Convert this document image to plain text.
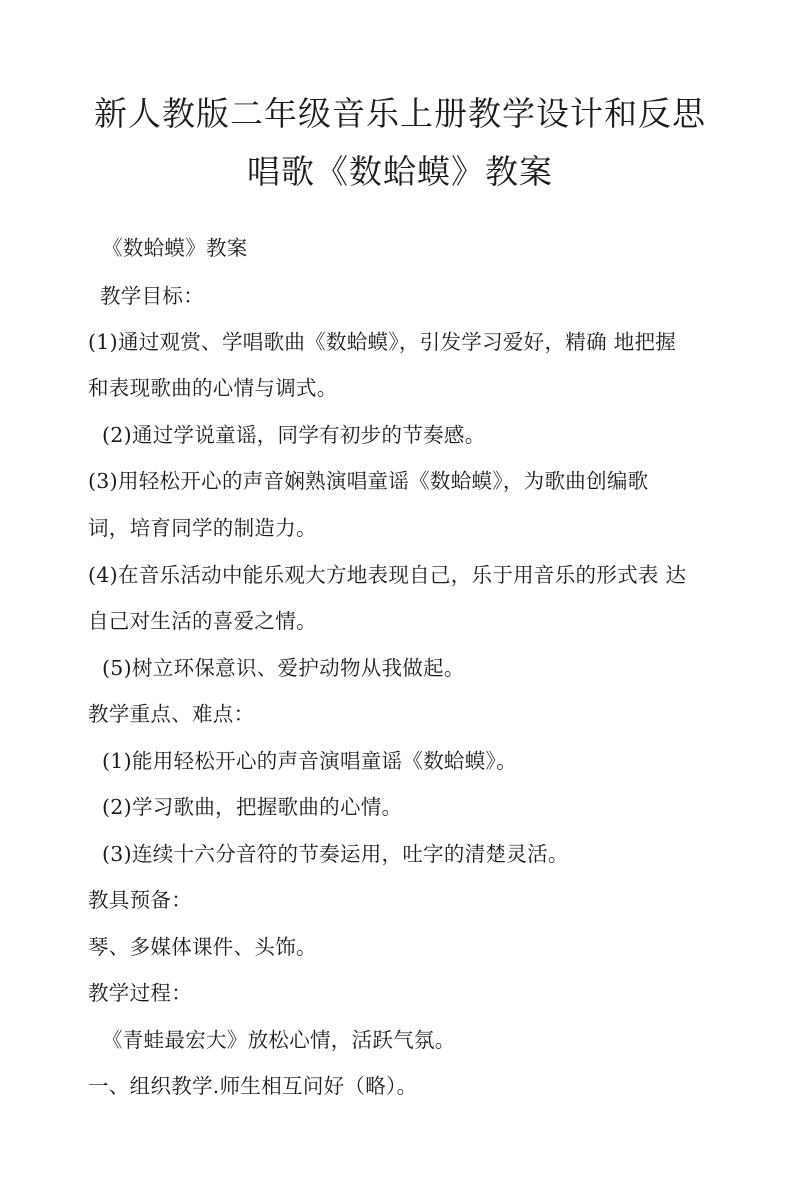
新人教版二年级音乐上册教学设计和反思
唱歌《数蛤蟆》教案
《数蛤蟆》教案
教学目标：
(1)通过观赏、学唱歌曲《数蛤蟆》，引发学习爱好，精确 地把握
和表现歌曲的心情与调式。
(2)通过学说童谣，同学有初步的节奏感。
(3)用轻松开心的声音娴熟演唱童谣《数蛤蟆》，为歌曲创编歌
词，培育同学的制造力。
(4)在音乐活动中能乐观大方地表现自己，乐于用音乐的形式表 达
自己对生活的喜爱之情。
(5)树立环保意识、爱护动物从我做起。
教学重点、难点：
(1)能用轻松开心的声音演唱童谣《数蛤蟆》。
(2)学习歌曲，把握歌曲的心情。
(3)连续十六分音符的节奏运用，吐字的清楚灵活。
教具预备：
琴、多媒体课件、头饰。
教学过程：
《青蛙最宏大》放松心情，活跃气氛。
一、组织教学.师生相互问好（略）。
